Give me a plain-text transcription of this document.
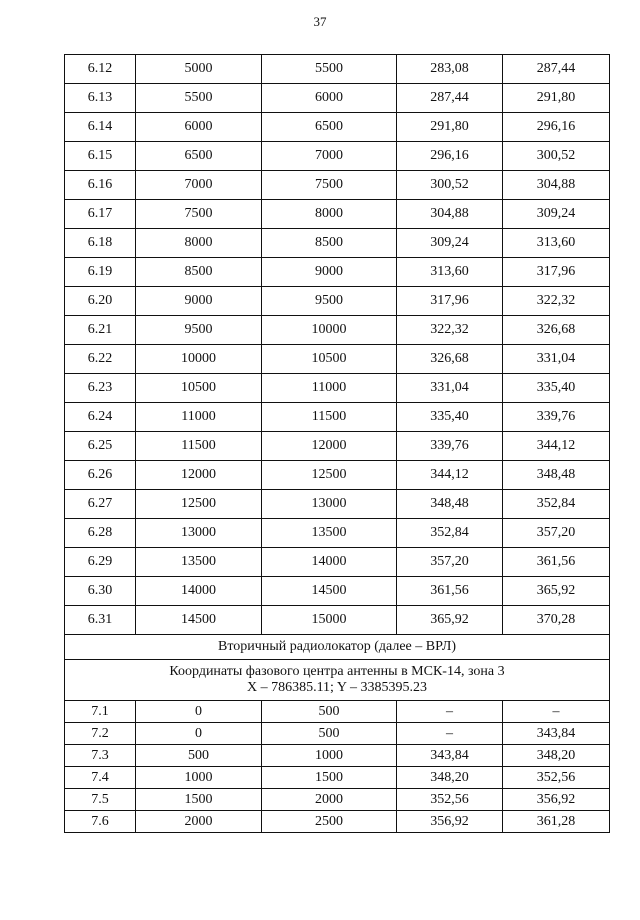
37
6.12	5000	5500	283,08	287,44
6.13	5500	6000	287,44	291,80
6.14	6000	6500	291,80	296,16
6.15	6500	7000	296,16	300,52
6.16	7000	7500	300,52	304,88
6.17	7500	8000	304,88	309,24
6.18	8000	8500	309,24	313,60
6.19	8500	9000	313,60	317,96
6.20	9000	9500	317,96	322,32
6.21	9500	10000	322,32	326,68
6.22	10000	10500	326,68	331,04
6.23	10500	11000	331,04	335,40
6.24	11000	11500	335,40	339,76
6.25	11500	12000	339,76	344,12
6.26	12000	12500	344,12	348,48
6.27	12500	13000	348,48	352,84
6.28	13000	13500	352,84	357,20
6.29	13500	14000	357,20	361,56
6.30	14000	14500	361,56	365,92
6.31	14500	15000	365,92	370,28
Вторичный радиолокатор (далее – ВРЛ)				

Координаты фазового центра антенны в МСК-14, зона 3
X – 786385.11; Y – 3385395.23				

7.1	0	500	–	–
7.2	0	500	–	343,84
7.3	500	1000	343,84	348,20
7.4	1000	1500	348,20	352,56
7.5	1500	2000	352,56	356,92
7.6	2000	2500	356,92	361,28
